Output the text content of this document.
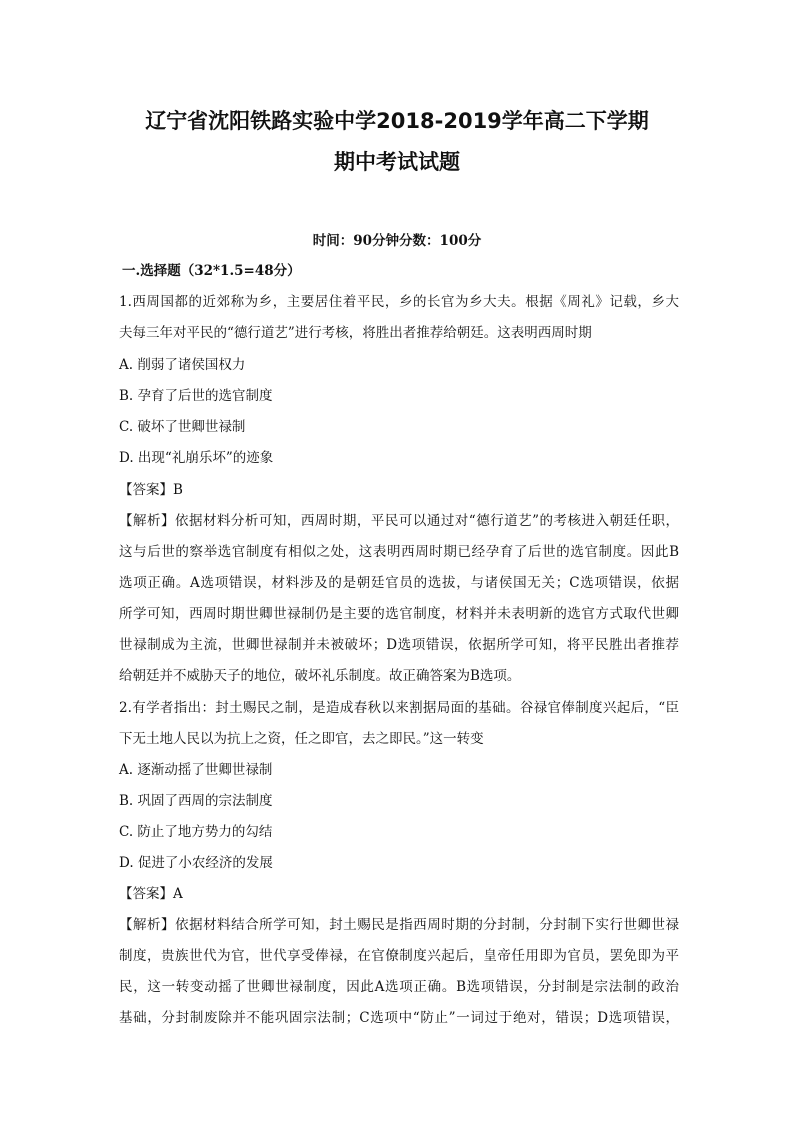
辽宁省沈阳铁路实验中学2018-2019学年高二下学期
期中考试试题
时间：90分钟分数：100分
一.选择题（32*1.5=48分）
1.西周国都的近郊称为乡，主要居住着平民，乡的长官为乡大夫。根据《周礼》记载，乡大
夫每三年对平民的“德行道艺”进行考核，将胜出者推荐给朝廷。这表明西周时期
A. 削弱了诸侯国权力
B. 孕育了后世的选官制度
C. 破坏了世卿世禄制
D. 出现“礼崩乐坏”的迹象
【答案】B
【解析】依据材料分析可知，西周时期，平民可以通过对“德行道艺”的考核进入朝廷任职，
这与后世的察举选官制度有相似之处，这表明西周时期已经孕育了后世的选官制度。因此B
选项正确。A选项错误，材料涉及的是朝廷官员的选拔，与诸侯国无关；C选项错误，依据
所学可知，西周时期世卿世禄制仍是主要的选官制度，材料并未表明新的选官方式取代世卿
世禄制成为主流，世卿世禄制并未被破坏；D选项错误，依据所学可知，将平民胜出者推荐
给朝廷并不威胁天子的地位，破坏礼乐制度。故正确答案为B选项。
2.有学者指出：封土赐民之制，是造成春秋以来割据局面的基础。谷禄官俸制度兴起后，“臣
下无土地人民以为抗上之资，任之即官，去之即民。”这一转变
A. 逐渐动摇了世卿世禄制
B. 巩固了西周的宗法制度
C. 防止了地方势力的勾结
D. 促进了小农经济的发展
【答案】A
【解析】依据材料结合所学可知，封土赐民是指西周时期的分封制，分封制下实行世卿世禄
制度，贵族世代为官，世代享受俸禄，在官僚制度兴起后，皇帝任用即为官员，罢免即为平
民，这一转变动摇了世卿世禄制度，因此A选项正确。B选项错误，分封制是宗法制的政治
基础，分封制废除并不能巩固宗法制；C选项中“防止”一词过于绝对，错误；D选项错误，
